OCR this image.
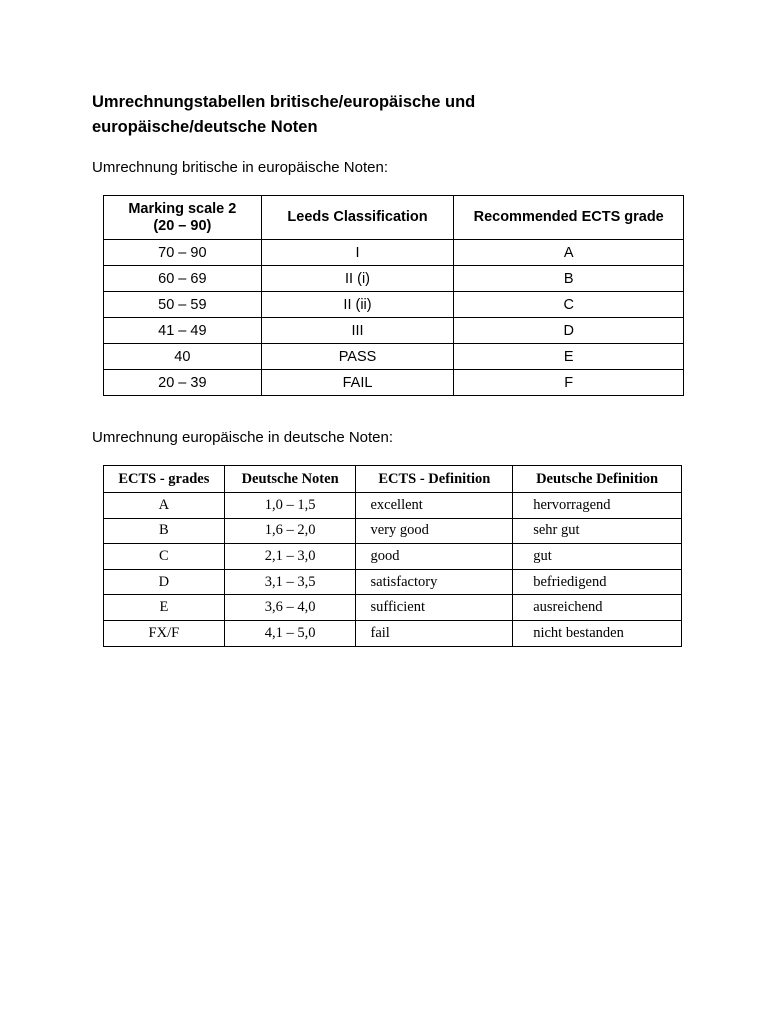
Umrechnungstabellen britische/europäische und
europäische/deutsche Noten

Umrechnung britische in europäische Noten:

Marking scale 2
(20 – 90)	Leeds Classification	Recommended ECTS grade
70 – 90	I	A
60 – 69	II (i)	B
50 – 59	II (ii)	C
41 – 49	III	D
40	PASS	E
20 – 39	FAIL	F

Umrechnung europäische in deutsche Noten:

ECTS - grades	Deutsche Noten	ECTS - Definition	Deutsche Definition
A	1,0 – 1,5	excellent	hervorragend
B	1,6 – 2,0	very good	sehr gut
C	2,1 – 3,0	good	gut
D	3,1 – 3,5	satisfactory	befriedigend
E	3,6 – 4,0	sufficient	ausreichend
FX/F	4,1 – 5,0	fail	nicht bestanden
